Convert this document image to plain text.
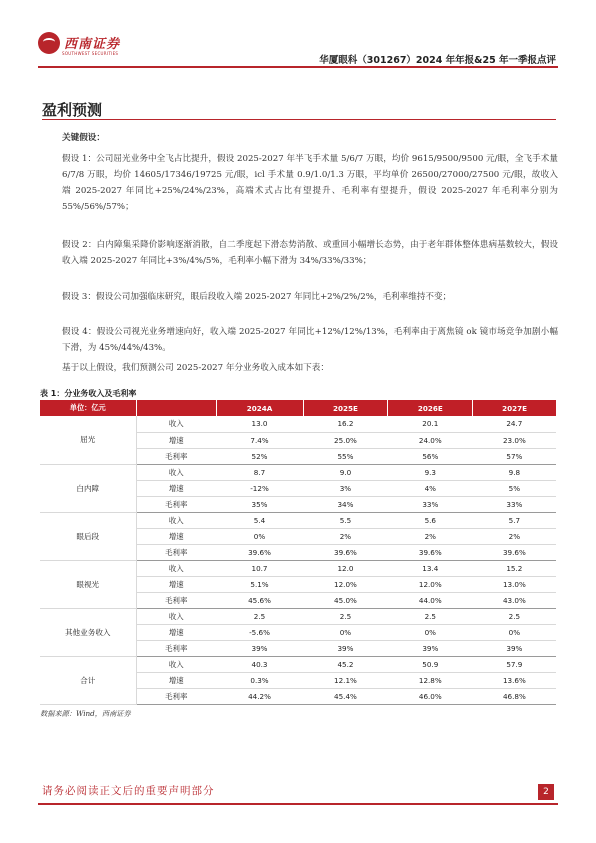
西南证券
SOUTHWEST SECURITIES
华厦眼科（301267）2024 年年报&25 年一季报点评
盈利预测
关键假设：
假设 1：公司屈光业务中全飞占比提升，假设 2025-2027 年半飞手术量 5/6/7 万眼，均价 9615/9500/9500 元/眼，全飞手术量 6/7/8 万眼，均价 14605/17346/19725 元/眼，icl 手术量 0.9/1.0/1.3 万眼，平均单价 26500/27000/27500 元/眼，故收入端 2025-2027 年同比+25%/24%/23%，高端术式占比有望提升、毛利率有望提升，假设 2025-2027 年毛利率分别为 55%/56%/57%；
假设 2：白内障集采降价影响逐渐消散，自二季度起下滑态势消散、或重回小幅增长态势，由于老年群体整体患病基数较大，假设收入端 2025-2027 年同比+3%/4%/5%，毛利率小幅下滑为 34%/33%/33%；
假设 3：假设公司加强临床研究，眼后段收入端 2025-2027 年同比+2%/2%/2%，毛利率维持不变；
假设 4：假设公司视光业务增速向好，收入端 2025-2027 年同比+12%/12%/13%，毛利率由于离焦镜 ok 镜市场竞争加剧小幅下滑，为 45%/44%/43%。
基于以上假设，我们预测公司 2025-2027 年分业务收入成本如下表：
表 1：分业务收入及毛利率
单位：亿元		2024A	2025E	2026E	2027E
屈光	收入	13.0	16.2	20.1	24.7
	增速	7.4%	25.0%	24.0%	23.0%
	毛利率	52%	55%	56%	57%
白内障	收入	8.7	9.0	9.3	9.8
	增速	-12%	3%	4%	5%
	毛利率	35%	34%	33%	33%
眼后段	收入	5.4	5.5	5.6	5.7
	增速	0%	2%	2%	2%
	毛利率	39.6%	39.6%	39.6%	39.6%
眼视光	收入	10.7	12.0	13.4	15.2
	增速	5.1%	12.0%	12.0%	13.0%
	毛利率	45.6%	45.0%	44.0%	43.0%
其他业务收入	收入	2.5	2.5	2.5	2.5
	增速	-5.6%	0%	0%	0%
	毛利率	39%	39%	39%	39%
合计	收入	40.3	45.2	50.9	57.9
	增速	0.3%	12.1%	12.8%	13.6%
	毛利率	44.2%	45.4%	46.0%	46.8%
数据来源：Wind，西南证券
请务必阅读正文后的重要声明部分	2
